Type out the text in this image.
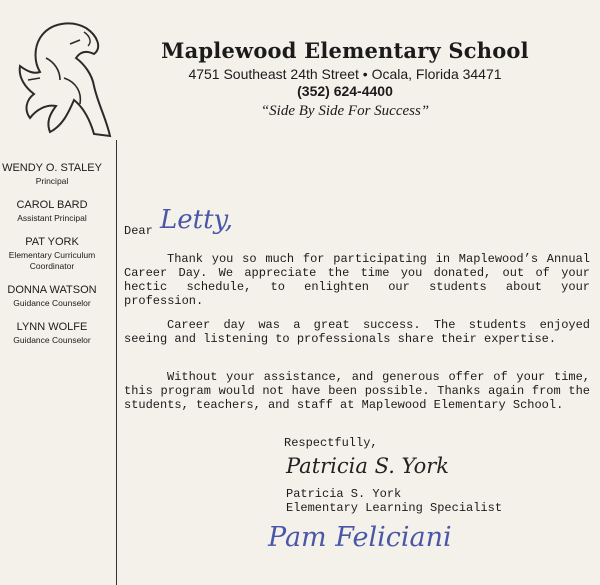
Maplewood Elementary School
4751 Southeast 24th Street • Ocala, Florida 34471
(352) 624-4400
“Side By Side For Success”
WENDY O. STALEY
Principal
CAROL BARD
Assistant Principal
PAT YORK
Elementary Curriculum Coordinator
DONNA WATSON
Guidance Counselor
LYNN WOLFE
Guidance Counselor
Dear Letty,
Thank you so much for participating in Maplewood’s Annual Career Day. We appreciate the time you donated, out of your hectic schedule, to enlighten our students about your profession.
Career day was a great success. The students enjoyed seeing and listening to professionals share their expertise.
Without your assistance, and generous offer of your time, this program would not have been possible. Thanks again from the students, teachers, and staff at Maplewood Elementary School.
Respectfully,
Patricia S. York
Patricia S. York
Elementary Learning Specialist
Pam Feliciani
